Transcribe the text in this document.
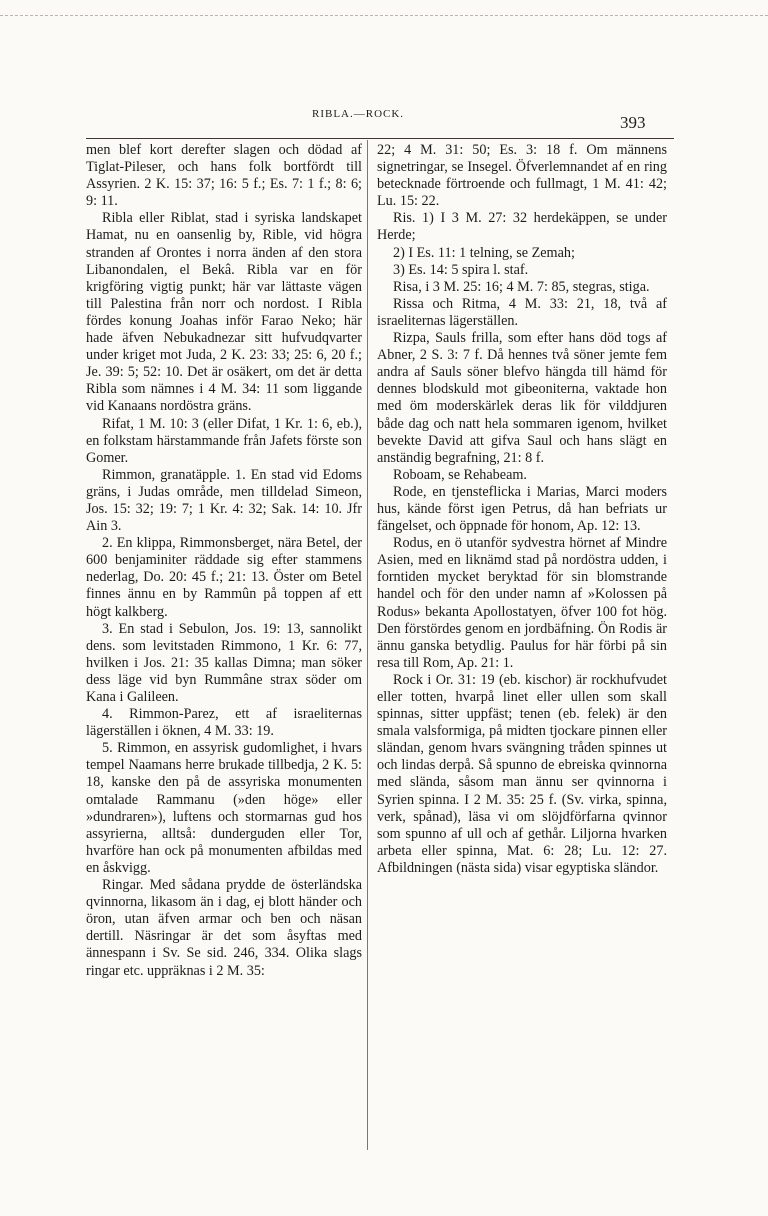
RIBLA.—ROCK.	393

men blef kort derefter slagen och dödad af Tiglat-Pileser, och hans folk bortfördt till Assyrien. 2 K. 15: 37; 16: 5 f.; Es. 7: 1 f.; 8: 6; 9: 11.

Ribla eller Riblat, stad i syriska landskapet Hamat, nu en oansenlig by, Rible, vid högra stranden af Orontes i norra änden af den stora Libanondalen, el Bekâ. Ribla var en för krigföring vigtig punkt; här var lättaste vägen till Palestina från norr och nordost. I Ribla fördes konung Joahas inför Farao Neko; här hade äfven Nebukadnezar sitt hufvudqvarter under kriget mot Juda, 2 K. 23: 33; 25: 6, 20 f.; Je. 39: 5; 52: 10. Det är osäkert, om det är detta Ribla som nämnes i 4 M. 34: 11 som liggande vid Kanaans nordöstra gräns.

Rifat, 1 M. 10: 3 (eller Difat, 1 Kr. 1: 6, eb.), en folkstam härstammande från Jafets förste son Gomer.

Rimmon, granatäpple. 1. En stad vid Edoms gräns, i Judas område, men tilldelad Simeon, Jos. 15: 32; 19: 7; 1 Kr. 4: 32; Sak. 14: 10. Jfr Ain 3.

2. En klippa, Rimmonsberget, nära Betel, der 600 benjaminiter räddade sig efter stammens nederlag, Do. 20: 45 f.; 21: 13. Öster om Betel finnes ännu en by Rammûn på toppen af ett högt kalkberg.

3. En stad i Sebulon, Jos. 19: 13, sannolikt dens. som levitstaden Rimmono, 1 Kr. 6: 77, hvilken i Jos. 21: 35 kallas Dimna; man söker dess läge vid byn Rummâne strax söder om Kana i Galileen.

4. Rimmon-Parez, ett af israeliternas lägerställen i öknen, 4 M. 33: 19.

5. Rimmon, en assyrisk gudomlighet, i hvars tempel Naamans herre brukade tillbedja, 2 K. 5: 18, kanske den på de assyriska monumenten omtalade Rammanu (»den höge» eller »dundraren»), luftens och stormarnas gud hos assyrierna, alltså: dunderguden eller Tor, hvarföre han ock på monumenten afbildas med en åskvigg.

Ringar. Med sådana prydde de österländska qvinnorna, likasom än i dag, ej blott händer och öron, utan äfven armar och ben och näsan dertill. Näsringar är det som åsyftas med ännespann i Sv. Se sid. 246, 334. Olika slags ringar etc. uppräknas i 2 M. 35:

22; 4 M. 31: 50; Es. 3: 18 f. Om männens signetringar, se Insegel. Öfverlemnandet af en ring betecknade förtroende och fullmagt, 1 M. 41: 42; Lu. 15: 22.

Ris. 1) I 3 M. 27: 32 herdekäppen, se under Herde;

2) I Es. 11: 1 telning, se Zemah;

3) Es. 14: 5 spira l. staf.

Risa, i 3 M. 25: 16; 4 M. 7: 85, stegras, stiga.

Rissa och Ritma, 4 M. 33: 21, 18, två af israeliternas lägerställen.

Rizpa, Sauls frilla, som efter hans död togs af Abner, 2 S. 3: 7 f. Då hennes två söner jemte fem andra af Sauls söner blefvo hängda till hämd för dennes blodskuld mot gibeoniterna, vaktade hon med öm moderskärlek deras lik för vilddjuren både dag och natt hela sommaren igenom, hvilket bevekte David att gifva Saul och hans slägt en anständig begrafning, 21: 8 f.

Roboam, se Rehabeam.

Rode, en tjensteflicka i Marias, Marci moders hus, kände först igen Petrus, då han befriats ur fängelset, och öppnade för honom, Ap. 12: 13.

Rodus, en ö utanför sydvestra hörnet af Mindre Asien, med en liknämd stad på nordöstra udden, i forntiden mycket beryktad för sin blomstrande handel och för den under namn af »Kolossen på Rodus» bekanta Apollostatyen, öfver 100 fot hög. Den förstördes genom en jordbäfning. Ön Rodis är ännu ganska betydlig. Paulus for här förbi på sin resa till Rom, Ap. 21: 1.

Rock i Or. 31: 19 (eb. kischor) är rockhufvudet eller totten, hvarpå linet eller ullen som skall spinnas, sitter uppfäst; tenen (eb. felek) är den smala valsformiga, på midten tjockare pinnen eller sländan, genom hvars svängning tråden spinnes ut och lindas derpå. Så spunno de ebreiska qvinnorna med slända, såsom man ännu ser qvinnorna i Syrien spinna. I 2 M. 35: 25 f. (Sv. virka, spinna, verk, spånad), läsa vi om slöjdförfarna qvinnor som spunno af ull och af gethår. Liljorna hvarken arbeta eller spinna, Mat. 6: 28; Lu. 12: 27. Afbildningen (nästa sida) visar egyptiska sländor.
